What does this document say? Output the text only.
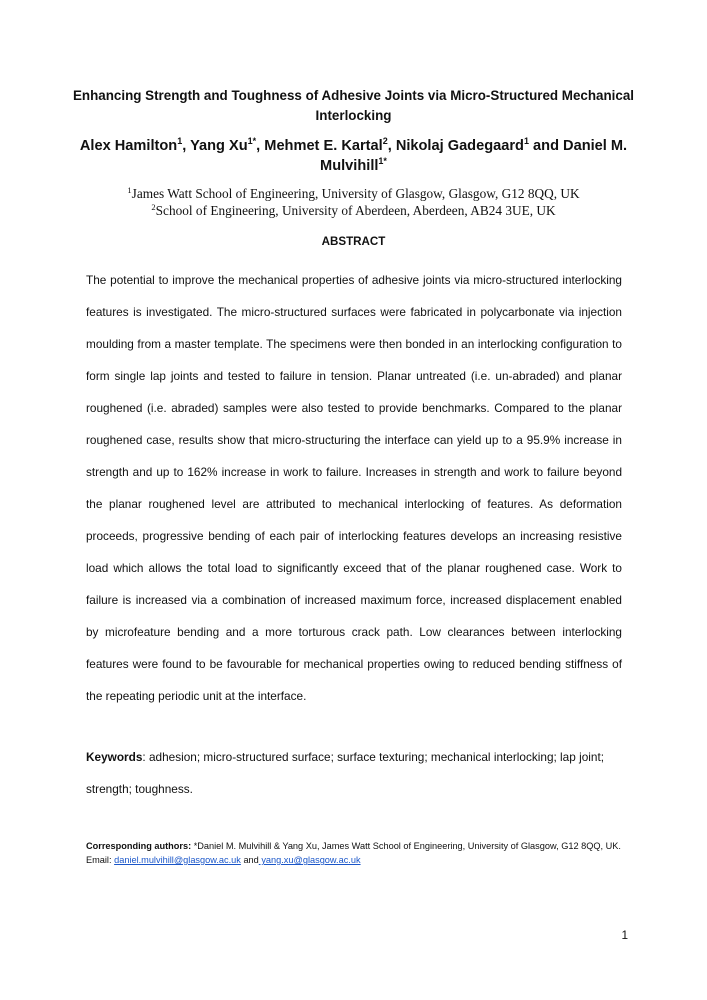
Enhancing Strength and Toughness of Adhesive Joints via Micro-Structured Mechanical Interlocking
Alex Hamilton$^1$, Yang $Xu^{1*}$, Mehmet E. Kartal$^2$, Nikolaj Gadegaard$^1$ and Daniel M. Mulvihill$^{1*}$
$^1$James Watt School of Engineering, University of Glasgow, Glasgow, G12 8QQ, UK
$^2$School of Engineering, University of Aberdeen, Aberdeen, AB24 3UE, UK
ABSTRACT
The potential to improve the mechanical properties of adhesive joints via micro-structured interlocking features is investigated. The micro-structured surfaces were fabricated in polycarbonate via injection moulding from a master template. The specimens were then bonded in an interlocking configuration to form single lap joints and tested to failure in tension. Planar untreated (i.e. un-abraded) and planar roughened (i.e. abraded) samples were also tested to provide benchmarks. Compared to the planar roughened case, results show that micro-structuring the interface can yield up to a 95.9% increase in strength and up to 162% increase in work to failure. Increases in strength and work to failure beyond the planar roughened level are attributed to mechanical interlocking of features. As deformation proceeds, progressive bending of each pair of interlocking features develops an increasing resistive load which allows the total load to significantly exceed that of the planar roughened case. Work to failure is increased via a combination of increased maximum force, increased displacement enabled by microfeature bending and a more torturous crack path. Low clearances between interlocking features were found to be favourable for mechanical properties owing to reduced bending stiffness of the repeating periodic unit at the interface.
Keywords: adhesion; micro-structured surface; surface texturing; mechanical interlocking; lap joint; strength; toughness.
Corresponding authors: *Daniel M. Mulvihill & Yang Xu, James Watt School of Engineering, University of Glasgow, G12 8QQ, UK. Email: daniel.mulvihill@glasgow.ac.uk and yang.xu@glasgow.ac.uk
1
